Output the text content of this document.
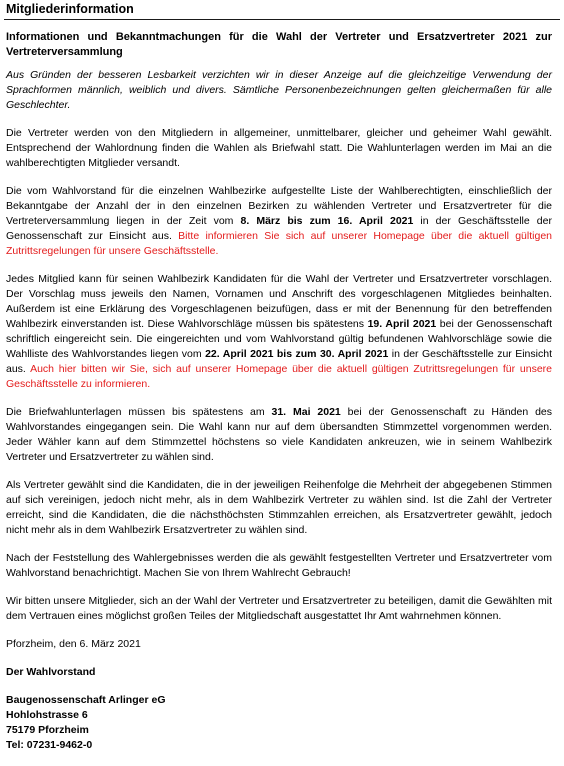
Mitgliederinformation
Informationen und Bekanntmachungen für die Wahl der Vertreter und Ersatzvertreter 2021 zur Vertreterversammlung

Aus Gründen der besseren Lesbarkeit verzichten wir in dieser Anzeige auf die gleichzeitige Verwendung der Sprachformen männlich, weiblich und divers. Sämtliche Personenbezeichnungen gelten gleichermaßen für alle Geschlechter.

Die Vertreter werden von den Mitgliedern in allgemeiner, unmittelbarer, gleicher und geheimer Wahl gewählt. Entsprechend der Wahlordnung finden die Wahlen als Briefwahl statt. Die Wahlunterlagen werden im Mai an die wahlberechtigten Mitglieder versandt.

Die vom Wahlvorstand für die einzelnen Wahlbezirke aufgestellte Liste der Wahlberechtigten, einschließlich der Bekanntgabe der Anzahl der in den einzelnen Bezirken zu wählenden Vertreter und Ersatzvertreter für die Vertreterversammlung liegen in der Zeit vom 8. März bis zum 16. April 2021 in der Geschäftsstelle der Genossenschaft zur Einsicht aus. Bitte informieren Sie sich auf unserer Homepage über die aktuell gültigen Zutrittsregelungen für unsere Geschäftsstelle.

Jedes Mitglied kann für seinen Wahlbezirk Kandidaten für die Wahl der Vertreter und Ersatzvertreter vorschlagen. Der Vorschlag muss jeweils den Namen, Vornamen und Anschrift des vorgeschlagenen Mitgliedes beinhalten. Außerdem ist eine Erklärung des Vorgeschlagenen beizufügen, dass er mit der Benennung für den betreffenden Wahlbezirk einverstanden ist. Diese Wahlvorschläge müssen bis spätestens 19. April 2021 bei der Genossenschaft schriftlich eingereicht sein. Die eingereichten und vom Wahlvorstand gültig befundenen Wahlvorschläge sowie die Wahlliste des Wahlvorstandes liegen vom 22. April 2021 bis zum 30. April 2021 in der Geschäftsstelle zur Einsicht aus. Auch hier bitten wir Sie, sich auf unserer Homepage über die aktuell gültigen Zutrittsregelungen für unsere Geschäftsstelle zu informieren.

Die Briefwahlunterlagen müssen bis spätestens am 31. Mai 2021 bei der Genossenschaft zu Händen des Wahlvorstandes eingegangen sein. Die Wahl kann nur auf dem übersandten Stimmzettel vorgenommen werden. Jeder Wähler kann auf dem Stimmzettel höchstens so viele Kandidaten ankreuzen, wie in seinem Wahlbezirk Vertreter und Ersatzvertreter zu wählen sind.

Als Vertreter gewählt sind die Kandidaten, die in der jeweiligen Reihenfolge die Mehrheit der abgegebenen Stimmen auf sich vereinigen, jedoch nicht mehr, als in dem Wahlbezirk Vertreter zu wählen sind. Ist die Zahl der Vertreter erreicht, sind die Kandidaten, die die nächsthöchsten Stimmzahlen erreichen, als Ersatzvertreter gewählt, jedoch nicht mehr als in dem Wahlbezirk Ersatzvertreter zu wählen sind.

Nach der Feststellung des Wahlergebnisses werden die als gewählt festgestellten Vertreter und Ersatzvertreter vom Wahlvorstand benachrichtigt. Machen Sie von Ihrem Wahlrecht Gebrauch!

Wir bitten unsere Mitglieder, sich an der Wahl der Vertreter und Ersatzvertreter zu beteiligen, damit die Gewählten mit dem Vertrauen eines möglichst großen Teiles der Mitgliedschaft ausgestattet Ihr Amt wahrnehmen können.

Pforzheim, den 6. März 2021

Der Wahlvorstand

Baugenossenschaft Arlinger eG
Hohlohstrasse 6
75179 Pforzheim
Tel: 07231-9462-0
